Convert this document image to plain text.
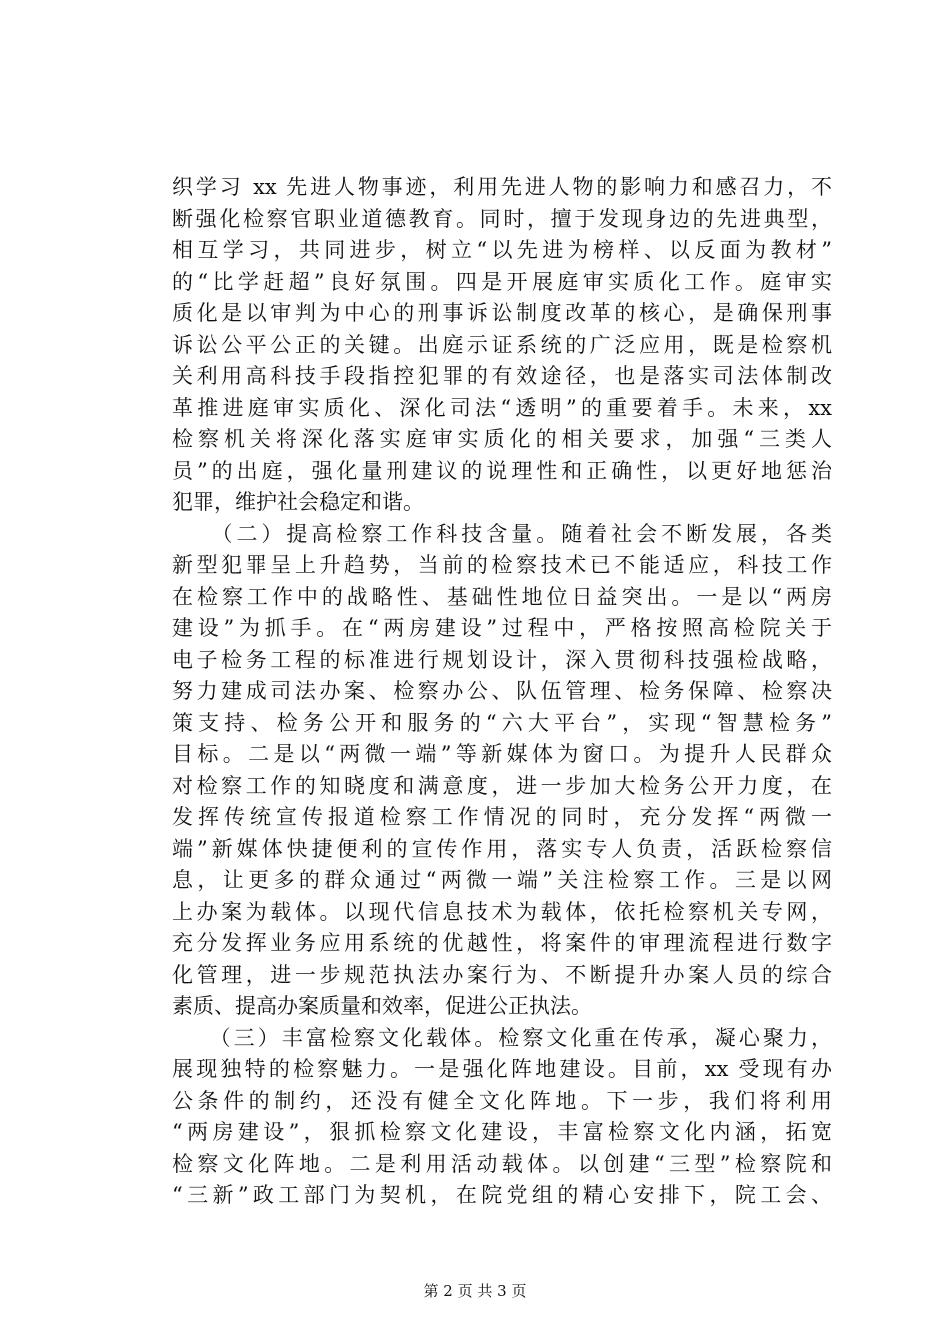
织学习 xx 先进人物事迹，利用先进人物的影响力和感召力，不
断强化检察官职业道德教育。同时，擅于发现身边的先进典型，
相互学习，共同进步，树立“以先进为榜样、以反面为教材”
的“比学赶超”良好氛围。四是开展庭审实质化工作。庭审实
质化是以审判为中心的刑事诉讼制度改革的核心，是确保刑事
诉讼公平公正的关键。出庭示证系统的广泛应用，既是检察机
关利用高科技手段指控犯罪的有效途径，也是落实司法体制改
革推进庭审实质化、深化司法“透明”的重要着手。未来，xx
检察机关将深化落实庭审实质化的相关要求，加强“三类人
员”的出庭，强化量刑建议的说理性和正确性，以更好地惩治
犯罪，维护社会稳定和谐。
　　（二）提高检察工作科技含量。随着社会不断发展，各类
新型犯罪呈上升趋势，当前的检察技术已不能适应，科技工作
在检察工作中的战略性、基础性地位日益突出。一是以“两房
建设”为抓手。在“两房建设”过程中，严格按照高检院关于
电子检务工程的标准进行规划设计，深入贯彻科技强检战略，
努力建成司法办案、检察办公、队伍管理、检务保障、检察决
策支持、检务公开和服务的“六大平台”，实现“智慧检务”
目标。二是以“两微一端”等新媒体为窗口。为提升人民群众
对检察工作的知晓度和满意度，进一步加大检务公开力度，在
发挥传统宣传报道检察工作情况的同时，充分发挥“两微一
端”新媒体快捷便利的宣传作用，落实专人负责，活跃检察信
息，让更多的群众通过“两微一端”关注检察工作。三是以网
上办案为载体。以现代信息技术为载体，依托检察机关专网，
充分发挥业务应用系统的优越性，将案件的审理流程进行数字
化管理，进一步规范执法办案行为、不断提升办案人员的综合
素质、提高办案质量和效率，促进公正执法。
　　（三）丰富检察文化载体。检察文化重在传承，凝心聚力，
展现独特的检察魅力。一是强化阵地建设。目前，xx 受现有办
公条件的制约，还没有健全文化阵地。下一步，我们将利用
“两房建设”，狠抓检察文化建设，丰富检察文化内涵，拓宽
检察文化阵地。二是利用活动载体。以创建“三型”检察院和
“三新”政工部门为契机，在院党组的精心安排下，院工会、
第 2 页 共 3 页
